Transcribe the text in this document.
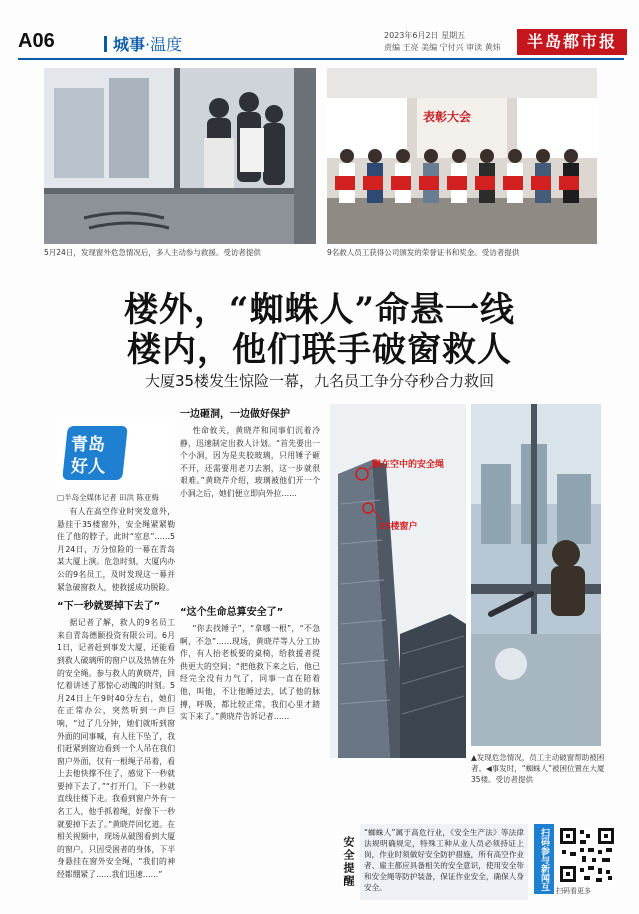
A06	城事·温度	2023年6月2日 星期五
责编 王亮 美编 宁付兴 审读 黄炜	半岛都市报
5月24日，发现窗外危急情况后，多人主动参与救援。受访者提供
表彰大会
9名救人员工获得公司颁发的荣誉证书和奖金。受访者提供
楼外，“蜘蛛人”命悬一线
楼内，他们联手破窗救人
大厦35楼发生惊险一幕，九名员工争分夺秒合力救回
青岛
好人
□半岛全媒体记者 田洪 陈亚梅

有人在高空作业时突发意外，悬挂于35楼窗外，安全绳紧紧勒住了他的脖子，此时“室息”……5月24日，万分惊险的一幕在青岛某大厦上演。危急时刻，大厦内办公的9名员工，及时发现这一幕并紧急破窗救人，使救援成功脱险。

“下一秒就要掉下去了”

据记者了解，救人的9名员工来自青岛德颐投资有限公司。6月1日，记者赶到事发大厦，还能看到救人破璃所的窗户以及热情在外的安全绳。参与救人的黄晓芹，回忆着讲述了那惊心动魄的时刻。5月24日上午9时40分左右，她们在正常办公，突然听到一声巨响，“过了几分钟，她们就听到窗外面的同事喊，有人往下坠了，我们赶紧到窗边看到一个人吊在我们窗户外面，仅有一根绳子吊着，看上去他快撑不住了，感觉下一秒就要掉下去了。”“打开门，下一秒就直线往楼下走。我看到窗户外有一名工人，他手抓着绳，好像下一秒就要掉下去了。”黄晓芹回忆道。在相关视频中，现场从破图看到大厦的窗户，只因受困者的身体，下半身悬挂在窗外安全绳，“我们的神经都绷紧了……我们迅速……”

一边砸洞，一边做好保护

性命攸关，黄晓芹和同事们沉着冷静，迅速制定出救人计划。“首先要出一个小洞，因为是夹胶玻璃，只用锤子砸不开，还需要用老刀去割，这一步就很艰难。”黄晓芹介绍，玻璃被他们开一个小洞之后，她们便立即向外拉……

“这个生命总算安全了”

“你去找锤子”，“拿哪一根”，“不急啊，不急”……现场，黄晓芹等人分工协作，有人抬老板要的桌椅，给救援者提供更大的空间；“把他救下来之后，他已经完全没有力气了，同事一直在陪着他，叫他，不让他睡过去，试了他的脉搏，呼吸，都比较正常，我们心里才踏实下来了。”黄晓芹告诉记者……

飘在空中的安全绳
35楼窗户
▲发现危急情况，员工主动破窗帮助被困者。◀事发时，“蜘蛛人”被困位置在大厦35楼。受访者提供
安全提醒
“蜘蛛人”属于高危行业，《安全生产法》等法律法规明确规定，特殊工种从业人员必须持证上岗，作业时须做好安全防护措施，所有高空作业者、雇主都应具备相关的安全意识，使用安全带和安全绳等防护装备，保证作业安全，确保人身安全。	扫码参与新闻互动
扫码看更多
